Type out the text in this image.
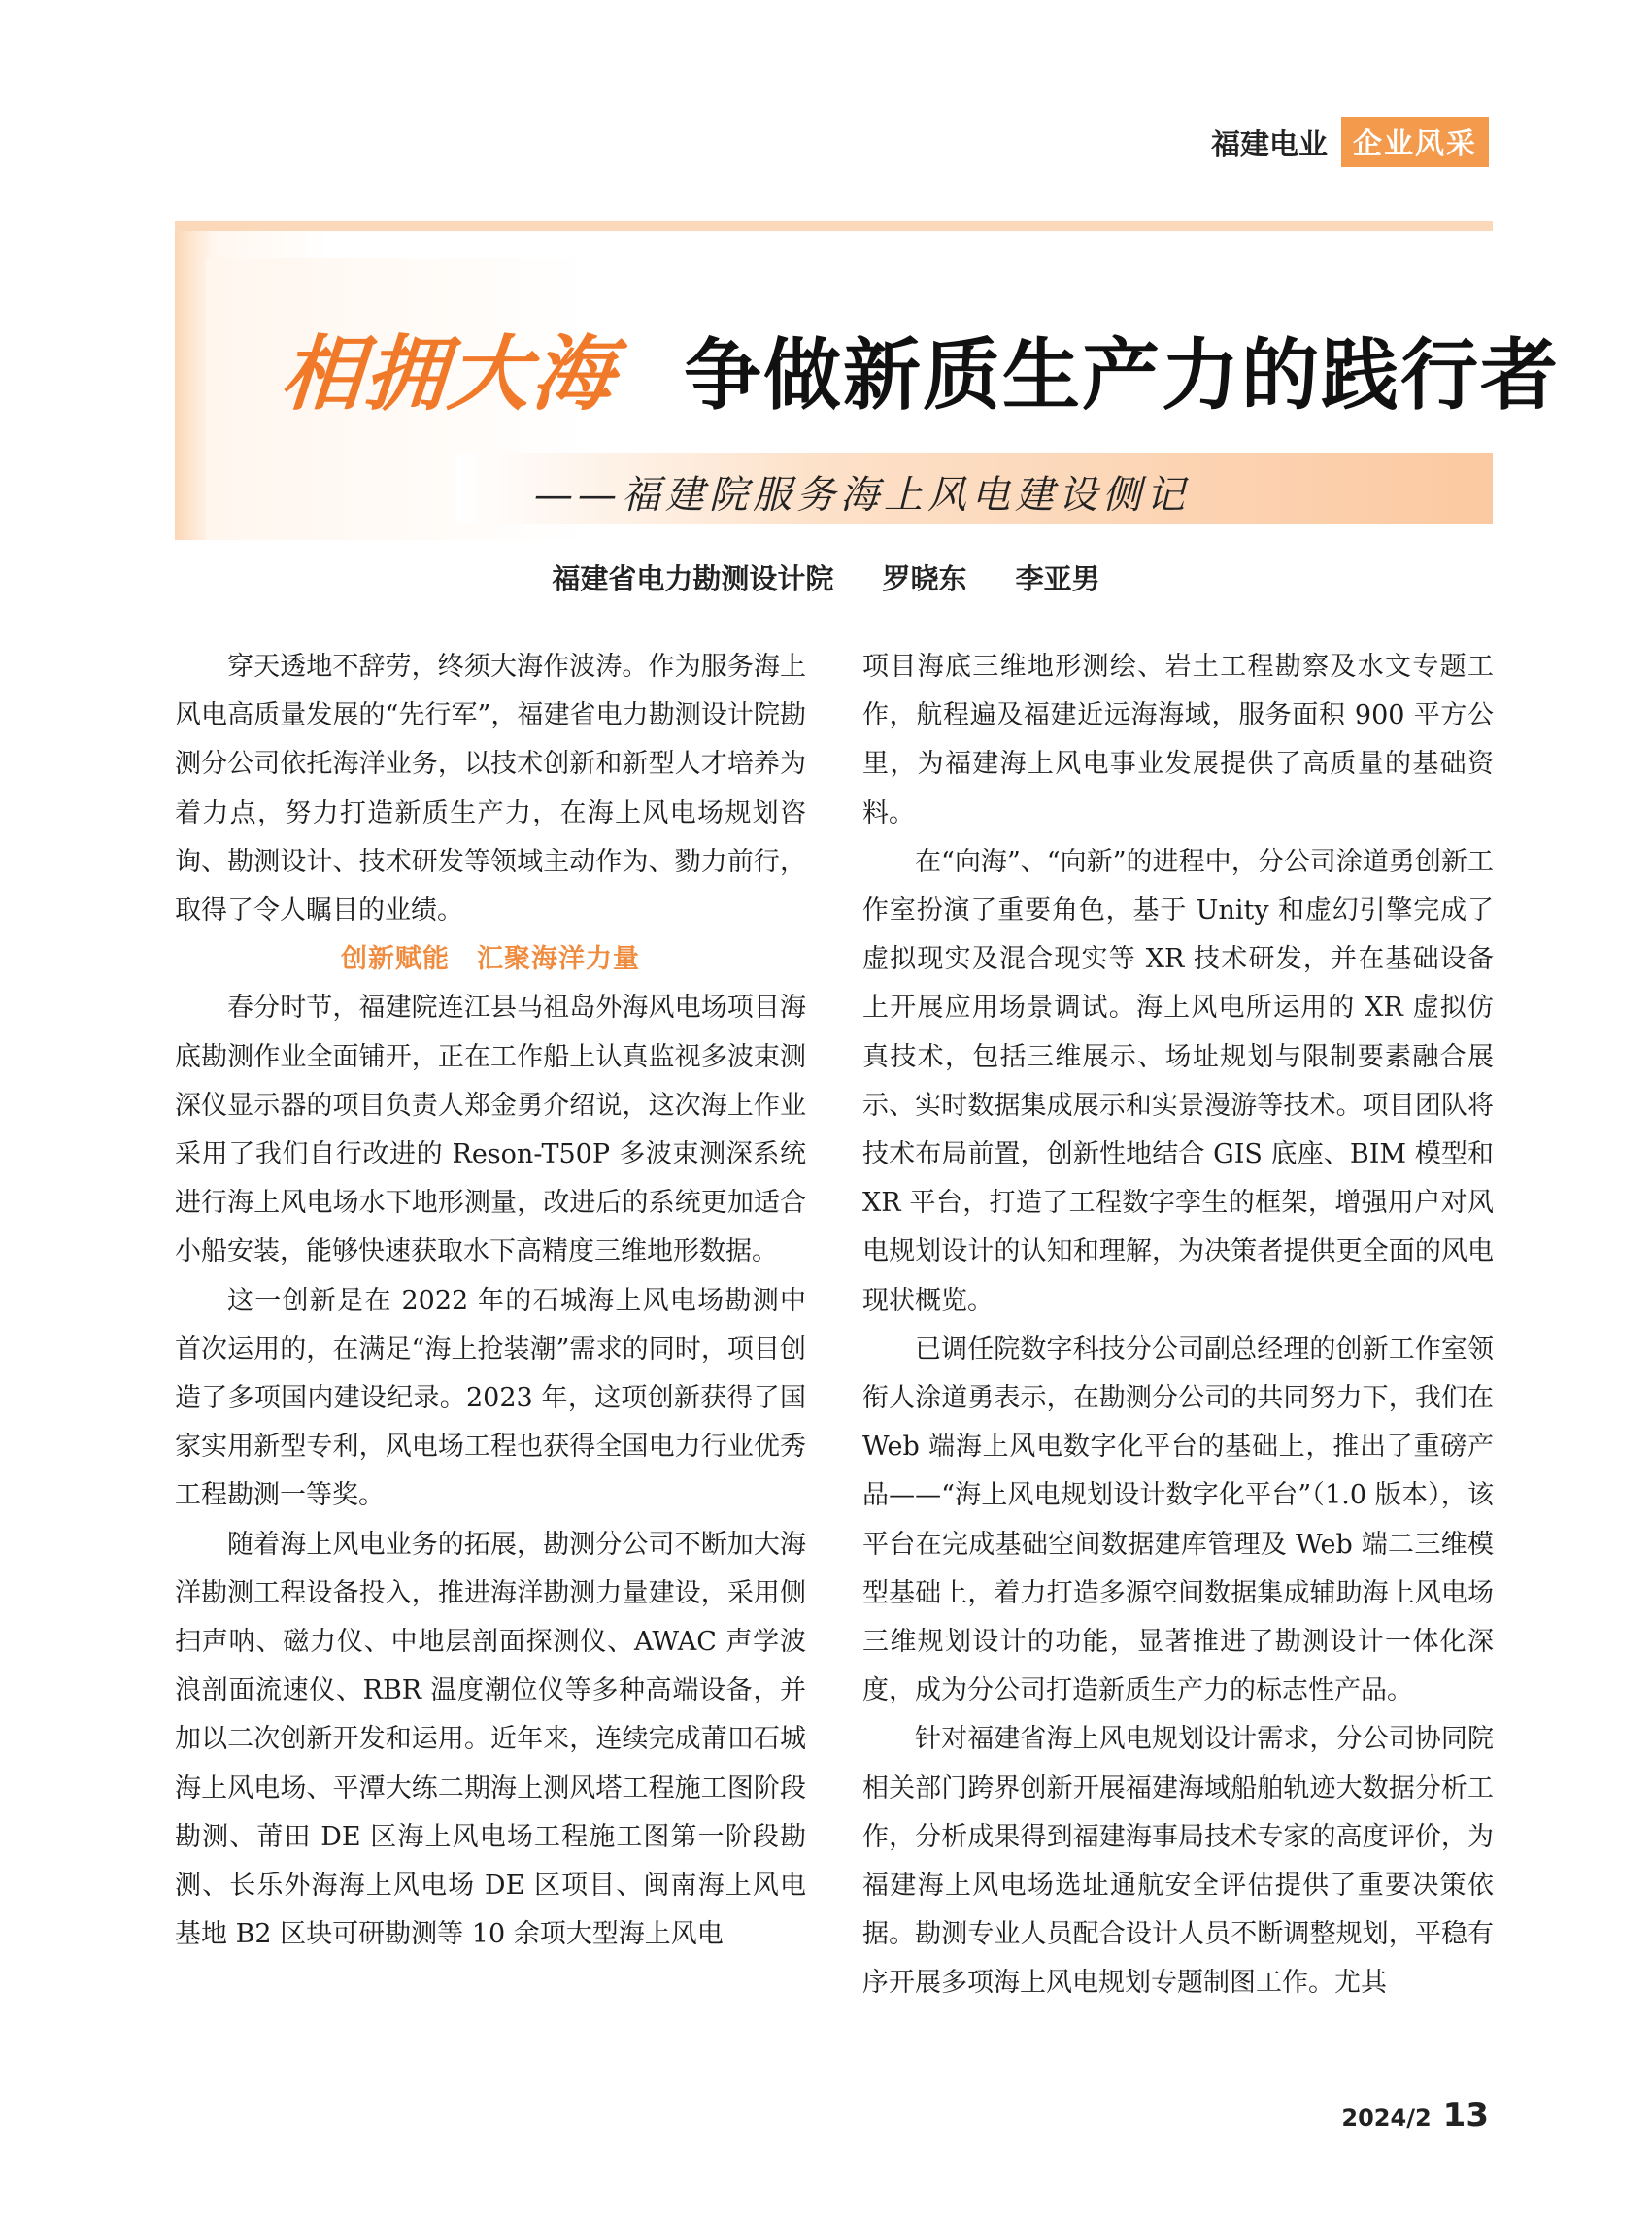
福建电业 企业风采
相拥大海 争做新质生产力的践行者
——福建院服务海上风电建设侧记
福建省电力勘测设计院 罗晓东 李亚男

穿天透地不辞劳，终须大海作波涛。作为服务海上风电高质量发展的“先行军”，福建省电力勘测设计院勘测分公司依托海洋业务，以技术创新和新型人才培养为着力点，努力打造新质生产力，在海上风电场规划咨询、勘测设计、技术研发等领域主动作为、勠力前行，取得了令人瞩目的业绩。

创新赋能 汇聚海洋力量

春分时节，福建院连江县马祖岛外海风电场项目海底勘测作业全面铺开，正在工作船上认真监视多波束测深仪显示器的项目负责人郑金勇介绍说，这次海上作业采用了我们自行改进的 Reson-T50P 多波束测深系统进行海上风电场水下地形测量，改进后的系统更加适合小船安装，能够快速获取水下高精度三维地形数据。

这一创新是在 2022 年的石城海上风电场勘测中首次运用的，在满足“海上抢装潮”需求的同时，项目创造了多项国内建设纪录。2023 年，这项创新获得了国家实用新型专利，风电场工程也获得全国电力行业优秀工程勘测一等奖。

随着海上风电业务的拓展，勘测分公司不断加大海洋勘测工程设备投入，推进海洋勘测力量建设，采用侧扫声呐、磁力仪、中地层剖面探测仪、AWAC 声学波浪剖面流速仪、RBR 温度潮位仪等多种高端设备，并加以二次创新开发和运用。近年来，连续完成莆田石城海上风电场、平潭大练二期海上测风塔工程施工图阶段勘测、莆田 DE 区海上风电场工程施工图第一阶段勘测、长乐外海海上风电场 DE 区项目、闽南海上风电基地 B2 区块可研勘测等 10 余项大型海上风电

项目海底三维地形测绘、岩土工程勘察及水文专题工作，航程遍及福建近远海海域，服务面积 900 平方公里，为福建海上风电事业发展提供了高质量的基础资料。

在“向海”、“向新”的进程中，分公司涂道勇创新工作室扮演了重要角色，基于 Unity 和虚幻引擎完成了虚拟现实及混合现实等 XR 技术研发，并在基础设备上开展应用场景调试。海上风电所运用的 XR 虚拟仿真技术，包括三维展示、场址规划与限制要素融合展示、实时数据集成展示和实景漫游等技术。项目团队将技术布局前置，创新性地结合 GIS 底座、BIM 模型和 XR 平台，打造了工程数字孪生的框架，增强用户对风电规划设计的认知和理解，为决策者提供更全面的风电现状概览。

已调任院数字科技分公司副总经理的创新工作室领衔人涂道勇表示，在勘测分公司的共同努力下，我们在 Web 端海上风电数字化平台的基础上，推出了重磅产品——“海上风电规划设计数字化平台”（1.0 版本），该平台在完成基础空间数据建库管理及 Web 端二三维模型基础上，着力打造多源空间数据集成辅助海上风电场三维规划设计的功能，显著推进了勘测设计一体化深度，成为分公司打造新质生产力的标志性产品。

针对福建省海上风电规划设计需求，分公司协同院相关部门跨界创新开展福建海域船舶轨迹大数据分析工作，分析成果得到福建海事局技术专家的高度评价，为福建海上风电场选址通航安全评估提供了重要决策依据。勘测专业人员配合设计人员不断调整规划，平稳有序开展多项海上风电规划专题制图工作。尤其

2024/2 13
